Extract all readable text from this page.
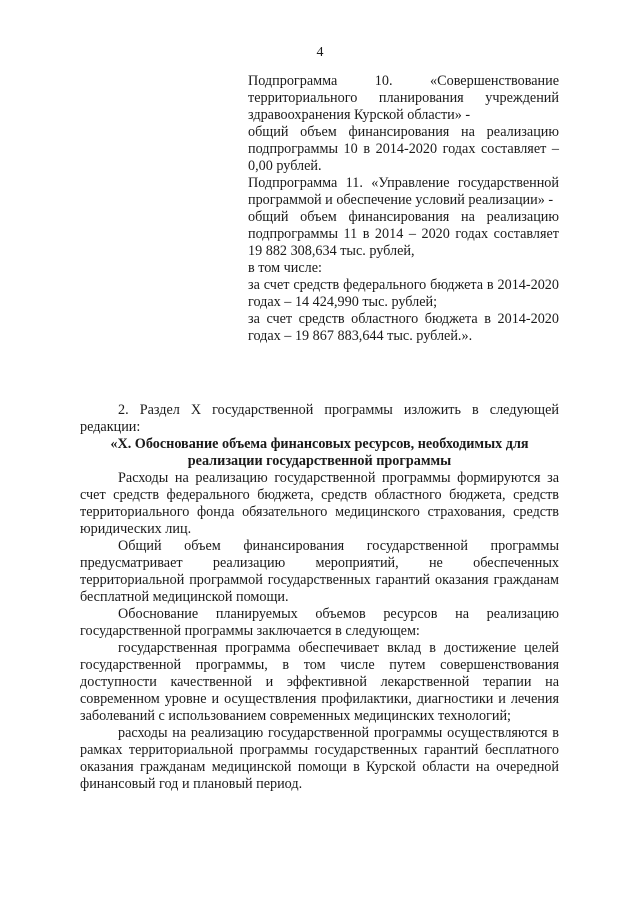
4

Подпрограмма 10. «Совершенствование территориального планирования учреждений здравоохранения Курской области» -

общий объем финансирования на реализацию подпрограммы 10 в 2014-2020 годах составляет – 0,00 рублей.

Подпрограмма 11. «Управление государственной программой и обеспечение условий реализации» -

общий объем финансирования на реализацию подпрограммы 11 в 2014 – 2020 годах составляет

19 882 308,634 тыс. рублей,

в том числе:

за счет средств федерального бюджета в 2014-2020 годах – 14 424,990 тыс. рублей;

за счет средств областного бюджета в 2014-2020 годах – 19 867 883,644 тыс. рублей.».

2. Раздел X государственной программы изложить в следующей редакции:

«X. Обоснование объема финансовых ресурсов, необходимых для реализации государственной программы

Расходы на реализацию государственной программы формируются за счет средств федерального бюджета, средств областного бюджета, средств территориального фонда обязательного медицинского страхования, средств юридических лиц.

Общий объем финансирования государственной программы предусматривает реализацию мероприятий, не обеспеченных территориальной программой государственных гарантий оказания гражданам бесплатной медицинской помощи.

Обоснование планируемых объемов ресурсов на реализацию государственной программы заключается в следующем:

государственная программа обеспечивает вклад в достижение целей государственной программы, в том числе путем совершенствования доступности качественной и эффективной лекарственной терапии на современном уровне и осуществления профилактики, диагностики и лечения заболеваний с использованием современных медицинских технологий;

расходы на реализацию государственной программы осуществляются в рамках территориальной программы государственных гарантий бесплатного оказания гражданам медицинской помощи в Курской области на очередной финансовый год и плановый период.
